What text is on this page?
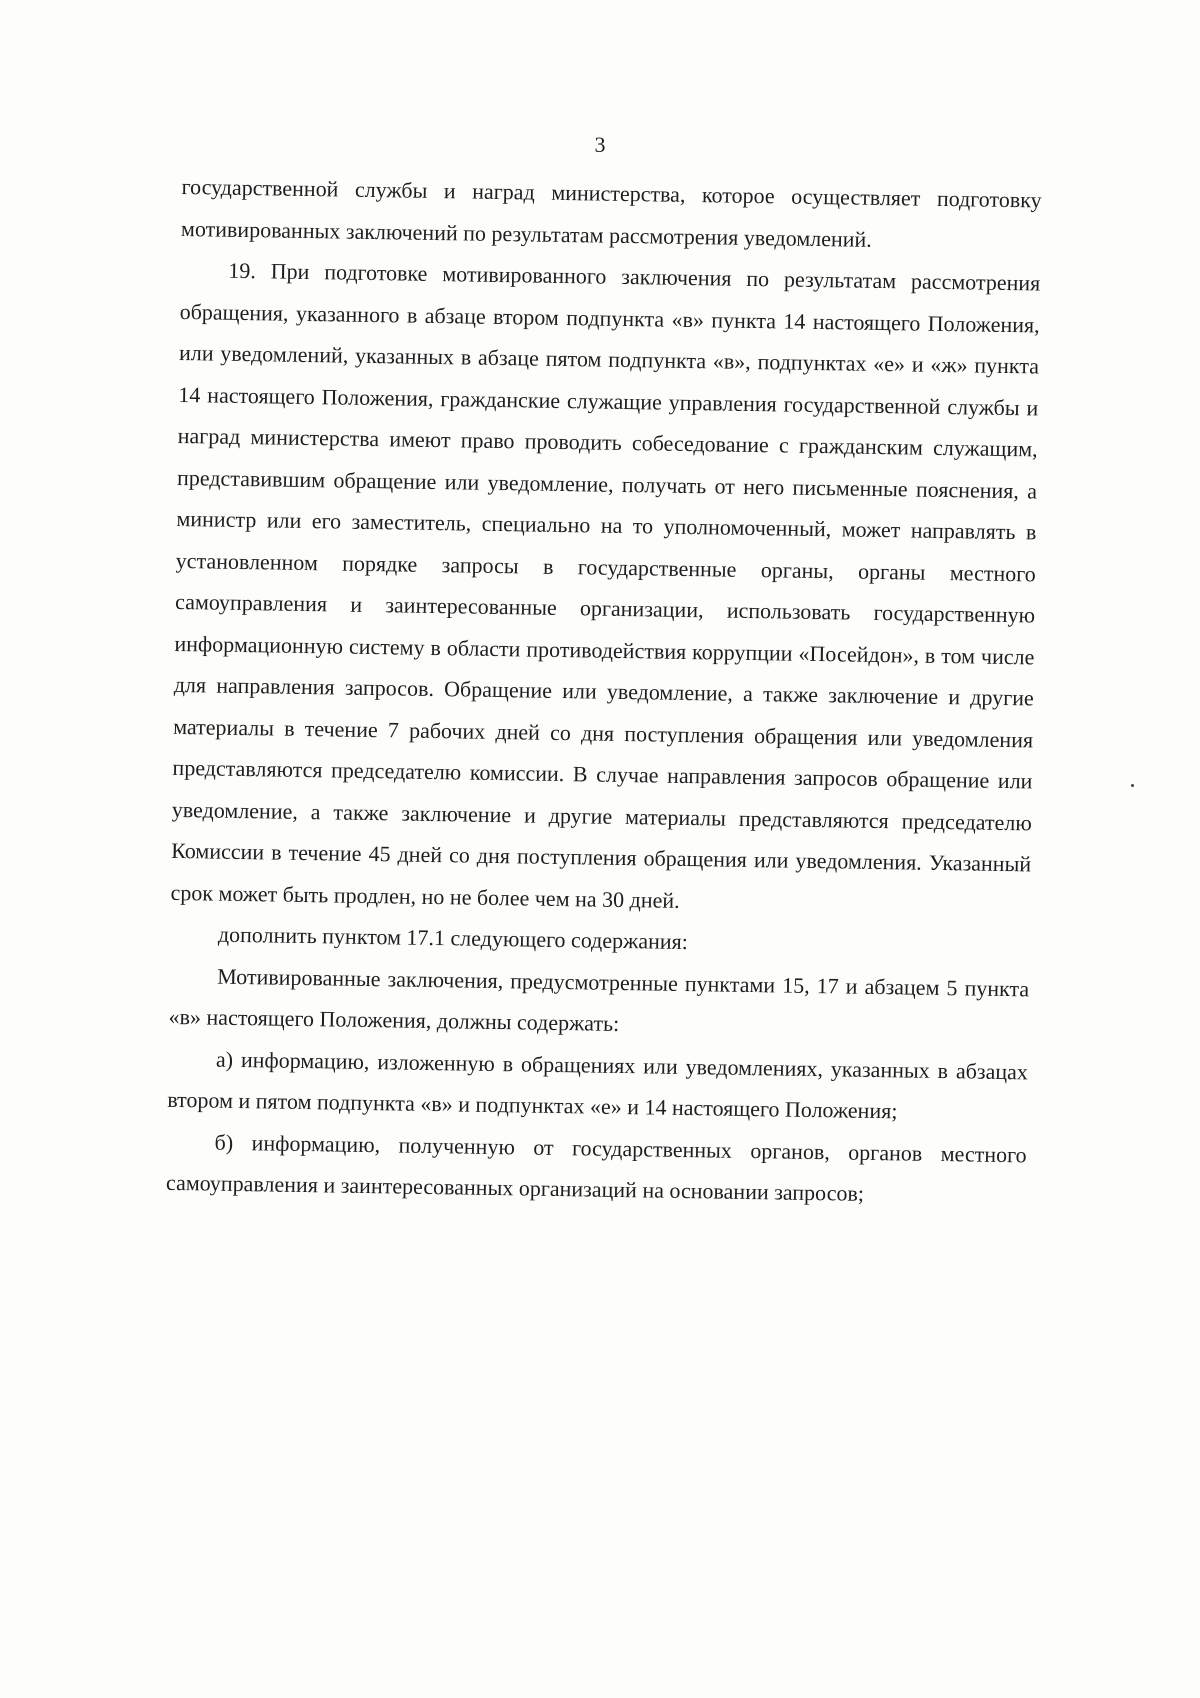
3

государственной службы и наград министерства, которое осуществляет подготовку мотивированных заключений по результатам рассмотрения уведомлений.

19. При подготовке мотивированного заключения по результатам рассмотрения обращения, указанного в абзаце втором подпункта «в» пункта 14 настоящего Положения, или уведомлений, указанных в абзаце пятом подпункта «в», подпунктах «е» и «ж» пункта 14 настоящего Положения, гражданские служащие управления государственной службы и наград министерства имеют право проводить собеседование с гражданским служащим, представившим обращение или уведомление, получать от него письменные пояснения, а министр или его заместитель, специально на то уполномоченный, может направлять в установленном порядке запросы в государственные органы, органы местного самоуправления и заинтересованные организации, использовать государственную информационную систему в области противодействия коррупции «Посейдон», в том числе для направления запросов. Обращение или уведомление, а также заключение и другие материалы в течение 7 рабочих дней со дня поступления обращения или уведомления представляются председателю комиссии. В случае направления запросов обращение или уведомление, а также заключение и другие материалы представляются председателю Комиссии в течение 45 дней со дня поступления обращения или уведомления. Указанный срок может быть продлен, но не более чем на 30 дней.

дополнить пунктом 17.1 следующего содержания:

Мотивированные заключения, предусмотренные пунктами 15, 17 и абзацем 5 пункта «в» настоящего Положения, должны содержать:

а) информацию, изложенную в обращениях или уведомлениях, указанных в абзацах втором и пятом подпункта «в» и подпунктах «е» и 14 настоящего Положения;

б) информацию, полученную от государственных органов, органов местного самоуправления и заинтересованных организаций на основании запросов;
